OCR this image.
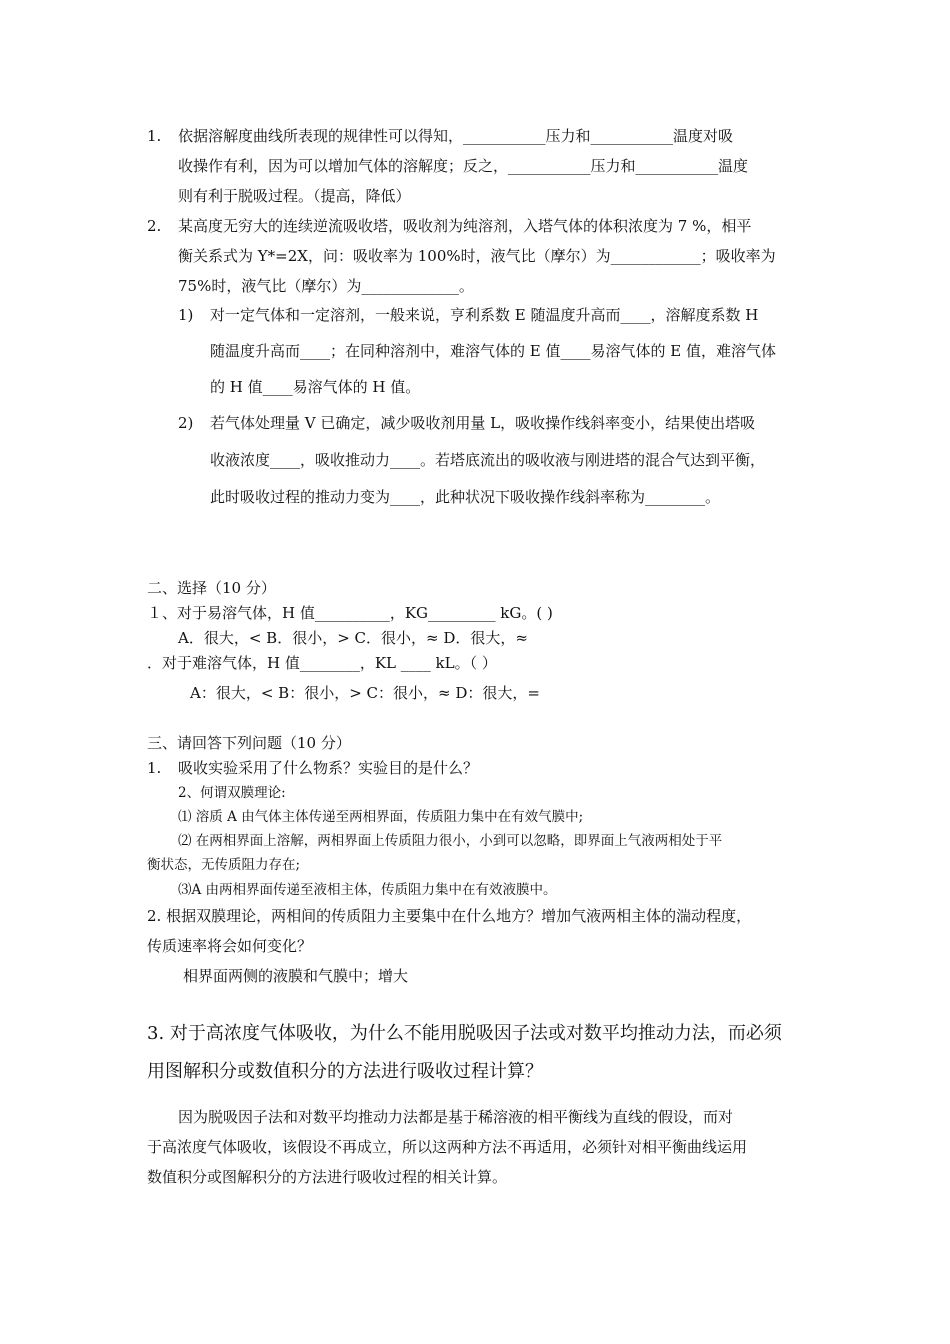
1. 依据溶解度曲线所表现的规律性可以得知，___________压力和___________温度对吸
收操作有利，因为可以增加气体的溶解度；反之，___________压力和___________温度
则有利于脱吸过程。（提高，降低）
2. 某高度无穷大的连续逆流吸收塔，吸收剂为纯溶剂，入塔气体的体积浓度为 7 %，相平
衡关系式为 Y*=2X，问：吸收率为 100%时，液气比（摩尔）为____________；吸收率为
75%时，液气比（摩尔）为_____________。
1) 对一定气体和一定溶剂，一般来说，亨利系数 E 随温度升高而____，溶解度系数 H
随温度升高而____；在同种溶剂中，难溶气体的 E 值____易溶气体的 E 值，难溶气体
的 H 值____易溶气体的 H 值。
2) 若气体处理量 V 已确定，减少吸收剂用量 L，吸收操作线斜率变小，结果使出塔吸
收液浓度____，吸收推动力____。若塔底流出的吸收液与刚进塔的混合气达到平衡，
此时吸收过程的推动力变为____，此种状况下吸收操作线斜率称为________。
二、选择（10 分）
１、对于易溶气体，H 值__________，KG_________ kG。( )
A．很大，< B．很小，> C．很小，≈ D．很大，≈
．对于难溶气体，H 值________，KL ____ kL。（ ）
A：很大，< B：很小，> C：很小，≈ D：很大，=
三、请回答下列问题（10 分）
1. 吸收实验采用了什么物系？实验目的是什么？
2、何谓双膜理论:
⑴ 溶质 A 由气体主体传递至两相界面，传质阻力集中在有效气膜中;
⑵ 在两相界面上溶解，两相界面上传质阻力很小，小到可以忽略，即界面上气液两相处于平
衡状态，无传质阻力存在;
⑶A 由两相界面传递至液相主体，传质阻力集中在有效液膜中。
2. 根据双膜理论，两相间的传质阻力主要集中在什么地方？增加气液两相主体的湍动程度，
传质速率将会如何变化？
相界面两侧的液膜和气膜中；增大
3. 对于高浓度气体吸收，为什么不能用脱吸因子法或对数平均推动力法，而必须
用图解积分或数值积分的方法进行吸收过程计算？
因为脱吸因子法和对数平均推动力法都是基于稀溶液的相平衡线为直线的假设，而对
于高浓度气体吸收，该假设不再成立，所以这两种方法不再适用，必须针对相平衡曲线运用
数值积分或图解积分的方法进行吸收过程的相关计算。
